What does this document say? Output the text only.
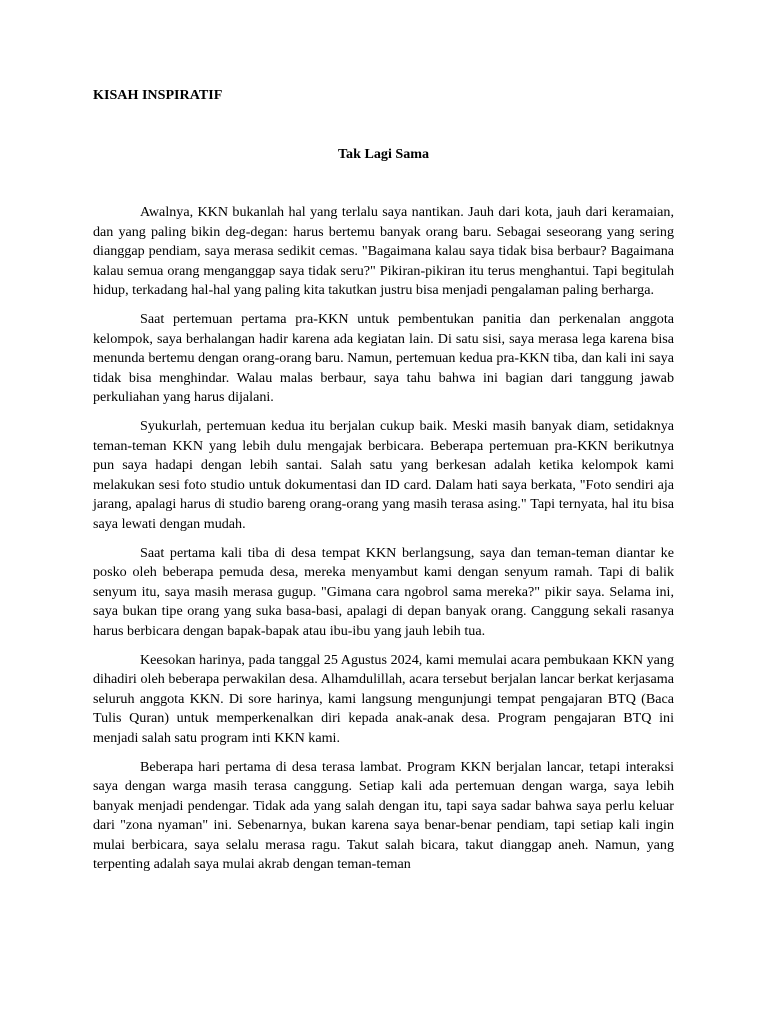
KISAH INSPIRATIF

Tak Lagi Sama

Awalnya, KKN bukanlah hal yang terlalu saya nantikan. Jauh dari kota, jauh dari keramaian, dan yang paling bikin deg-degan: harus bertemu banyak orang baru. Sebagai seseorang yang sering dianggap pendiam, saya merasa sedikit cemas. "Bagaimana kalau saya tidak bisa berbaur? Bagaimana kalau semua orang menganggap saya tidak seru?" Pikiran-pikiran itu terus menghantui. Tapi begitulah hidup, terkadang hal-hal yang paling kita takutkan justru bisa menjadi pengalaman paling berharga.

Saat pertemuan pertama pra-KKN untuk pembentukan panitia dan perkenalan anggota kelompok, saya berhalangan hadir karena ada kegiatan lain. Di satu sisi, saya merasa lega karena bisa menunda bertemu dengan orang-orang baru. Namun, pertemuan kedua pra-KKN tiba, dan kali ini saya tidak bisa menghindar. Walau malas berbaur, saya tahu bahwa ini bagian dari tanggung jawab perkuliahan yang harus dijalani.

Syukurlah, pertemuan kedua itu berjalan cukup baik. Meski masih banyak diam, setidaknya teman-teman KKN yang lebih dulu mengajak berbicara. Beberapa pertemuan pra-KKN berikutnya pun saya hadapi dengan lebih santai. Salah satu yang berkesan adalah ketika kelompok kami melakukan sesi foto studio untuk dokumentasi dan ID card. Dalam hati saya berkata, "Foto sendiri aja jarang, apalagi harus di studio bareng orang-orang yang masih terasa asing." Tapi ternyata, hal itu bisa saya lewati dengan mudah.

Saat pertama kali tiba di desa tempat KKN berlangsung, saya dan teman-teman diantar ke posko oleh beberapa pemuda desa, mereka menyambut kami dengan senyum ramah. Tapi di balik senyum itu, saya masih merasa gugup. "Gimana cara ngobrol sama mereka?" pikir saya. Selama ini, saya bukan tipe orang yang suka basa-basi, apalagi di depan banyak orang. Canggung sekali rasanya harus berbicara dengan bapak-bapak atau ibu-ibu yang jauh lebih tua.

Keesokan harinya, pada tanggal 25 Agustus 2024, kami memulai acara pembukaan KKN yang dihadiri oleh beberapa perwakilan desa. Alhamdulillah, acara tersebut berjalan lancar berkat kerjasama seluruh anggota KKN. Di sore harinya, kami langsung mengunjungi tempat pengajaran BTQ (Baca Tulis Quran) untuk memperkenalkan diri kepada anak-anak desa. Program pengajaran BTQ ini menjadi salah satu program inti KKN kami.

Beberapa hari pertama di desa terasa lambat. Program KKN berjalan lancar, tetapi interaksi saya dengan warga masih terasa canggung. Setiap kali ada pertemuan dengan warga, saya lebih banyak menjadi pendengar. Tidak ada yang salah dengan itu, tapi saya sadar bahwa saya perlu keluar dari "zona nyaman" ini. Sebenarnya, bukan karena saya benar-benar pendiam, tapi setiap kali ingin mulai berbicara, saya selalu merasa ragu. Takut salah bicara, takut dianggap aneh. Namun, yang terpenting adalah saya mulai akrab dengan teman-teman
